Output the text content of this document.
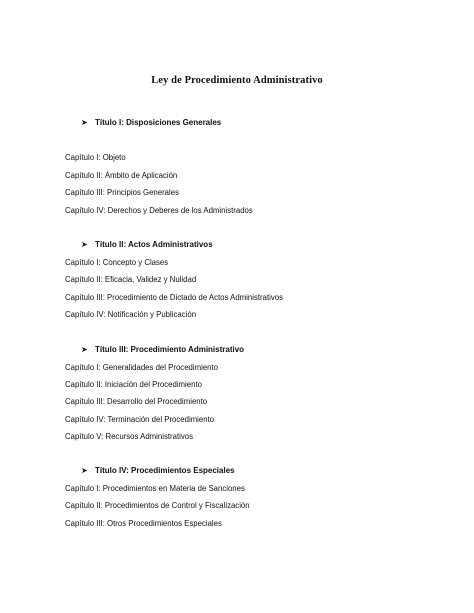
Ley de Procedimiento Administrativo
➤ Título I: Disposiciones Generales
Capítulo I: Objeto
Capítulo II: Ámbito de Aplicación
Capítulo III: Principios Generales
Capítulo IV: Derechos y Deberes de los Administrados
➤ Título II: Actos Administrativos
Capítulo I: Concepto y Clases
Capítulo II: Eficacia, Validez y Nulidad
Capítulo III: Procedimiento de Dictado de Actos Administrativos
Capítulo IV: Notificación y Publicación
➤ Título III: Procedimiento Administrativo
Capítulo I: Generalidades del Procedimiento
Capítulo II: Iniciación del Procedimiento
Capítulo III: Desarrollo del Procedimiento
Capítulo IV: Terminación del Procedimiento
Capítulo V: Recursos Administrativos
➤ Título IV: Procedimientos Especiales
Capítulo I: Procedimientos en Materia de Sanciones
Capítulo II: Procedimientos de Control y Fiscalización
Capítulo III: Otros Procedimientos Especiales
